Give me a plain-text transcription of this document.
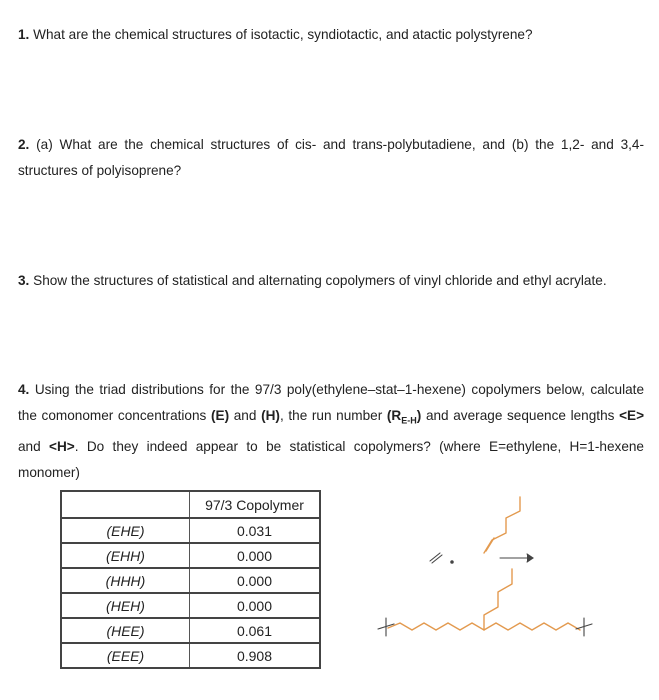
1. What are the chemical structures of isotactic, syndiotactic, and atactic polystyrene?

2. (a) What are the chemical structures of cis- and trans-polybutadiene, and (b) the 1,2- and 3,4-structures of polyisoprene?

3. Show the structures of statistical and alternating copolymers of vinyl chloride and ethyl acrylate.

4. Using the triad distributions for the 97/3 poly(ethylene–stat–1-hexene) copolymers below, calculate the comonomer concentrations (E) and (H), the run number $(R_{E-H})$ and average sequence lengths <E> and <H>. Do they indeed appear to be statistical copolymers? (where E=ethylene, H=1-hexene monomer)

	97/3 Copolymer
(EHE)	0.031
(EHH)	0.000
(HHH)	0.000
(HEH)	0.000
(HEE)	0.061
(EEE)	0.908
